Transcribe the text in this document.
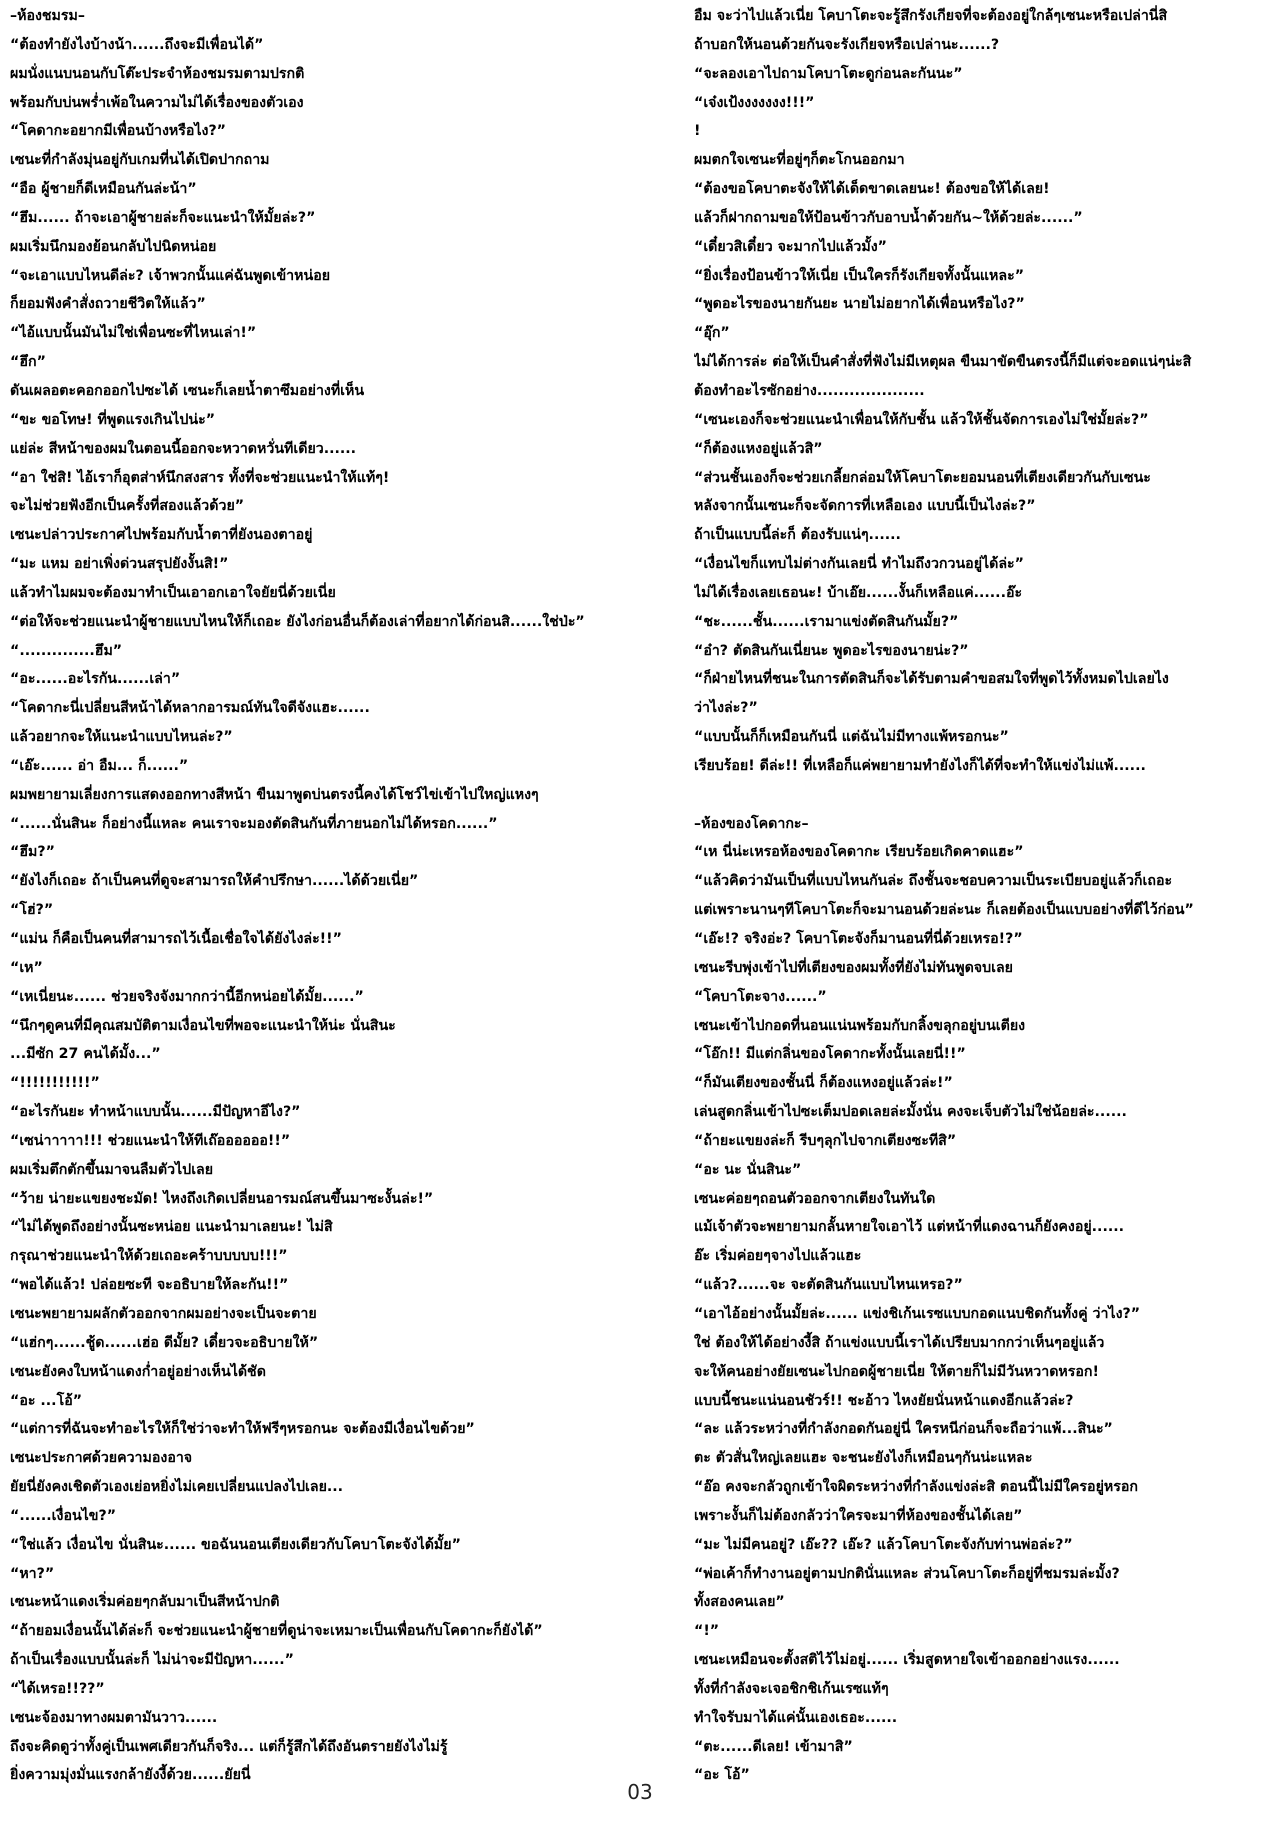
–ห้องชมรม–
“ต้องทำยังไงบ้างน้า......ถึงจะมีเพื่อนได้”
ผมนั่งแนบนอนกับโต๊ะประจำห้องชมรมตามปรกติ
พร้อมกับบ่นพร่ำเพ้อในความไม่ได้เรื่องของตัวเอง
“โคดากะอยากมีเพื่อนบ้างหรือไง?”
เซนะที่กำลังมุ่นอยู่กับเกมที่นได้เปิดปากถาม
“อือ ผู้ชายก็ดีเหมือนกันล่ะน้า”
“ฮึม...... ถ้าจะเอาผู้ชายล่ะก็จะแนะนำให้มั้ยล่ะ?”
ผมเริ่มนึกมองย้อนกลับไปนิดหน่อย
“จะเอาแบบไหนดีล่ะ? เจ้าพวกนั้นแค่ฉันพูดเข้าหน่อย
ก็ยอมฟังคำสั่งถวายชีวิตให้แล้ว”
“ไอ้แบบนั้นมันไม่ใช่เพื่อนซะที่ไหนเล่า!”
“ฮึก”
ดันเผลอตะคอกออกไปซะได้ เซนะก็เลยน้ำตาซึมอย่างที่เห็น
“ขะ ขอโทษ! ที่พูดแรงเกินไปน่ะ”
แย่ล่ะ สีหน้าของผมในตอนนี้ออกจะหวาดหวั่นทีเดียว......
“อา ใช่สิ! ไอ้เราก็อุตส่าห์นึกสงสาร ทั้งที่จะช่วยแนะนำให้แท้ๆ!
จะไม่ช่วยฟังอีกเป็นครั้งที่สองแล้วด้วย”
เซนะปล่าวประกาศไปพร้อมกับน้ำตาที่ยังนองตาอยู่
“มะ แหม อย่าเพิ่งด่วนสรุปยังงั้นสิ!”
แล้วทำไมผมจะต้องมาทำเป็นเอาอกเอาใจยัยนี่ด้วยเนี่ย
“ต่อให้จะช่วยแนะนำผู้ชายแบบไหนให้ก็เถอะ ยังไงก่อนอื่นก็ต้องเล่าที่อยากได้ก่อนสิ......ใช่ป่ะ”
“..............ฮึม”
“อะ......อะไรกัน......เล่า”
“โคดากะนี่เปลี่ยนสีหน้าได้หลากอารมณ์ทันใจดีจังแฮะ......
แล้วอยากจะให้แนะนำแบบไหนล่ะ?”
“เอ๊ะ...... อ่า อืม... ก็......”
ผมพยายามเลี่ยงการแสดงออกทางสีหน้า ขืนมาพูดบ่นตรงนี้คงได้โชว์ไข่เข้าไปใหญ่แหงๆ
“......นั่นสินะ ก็อย่างนี้แหละ คนเราจะมองตัดสินกันที่ภายนอกไม่ได้หรอก......”
“ฮึม?”
“ยังไงก็เถอะ ถ้าเป็นคนที่ดูจะสามารถให้คำปรึกษา......ได้ด้วยเนี่ย”
“โฮ่?”
“แม่น ก็คือเป็นคนที่สามารถไว้เนื้อเชื่อใจได้ยังไงล่ะ!!”
“เห”
“เหเนี่ยนะ...... ช่วยจริงจังมากกว่านี้อีกหน่อยได้มั้ย......”
“นึกๆดูคนที่มีคุณสมบัติตามเงื่อนไขที่พอจะแนะนำให้น่ะ นั่นสินะ
...มีซัก 27 คนได้มั้ง...”
“!!!!!!!!!!!”
“อะไรกันยะ ทำหน้าแบบนั้น......มีปัญหาอีไง?”
“เซน่าาาาา!!! ช่วยแนะนำให้ทีเถ๊ออออออ!!”
ผมเริ่มตึกตักขึ้นมาจนลืมตัวไปเลย
“ว้าย น่ายะแขยงชะมัด! ไหงถึงเกิดเปลี่ยนอารมณ์สนขึ้นมาซะงั้นล่ะ!”
“ไม่ได้พูดถึงอย่างนั้นซะหน่อย แนะนำมาเลยนะ! ไม่สิ
กรุณาช่วยแนะนำให้ด้วยเถอะคร้าบบบบบ!!!”
“พอได้แล้ว! ปล่อยซะที จะอธิบายให้ละกัน!!”
เซนะพยายามผลักตัวออกจากผมอย่างจะเป็นจะตาย
“แฮ่กๆ......ชู้ด......เฮ่อ ดีมั้ย? เดี๋ยวจะอธิบายให้”
เซนะยังคงใบหน้าแดงก่ำอยู่อย่างเห็นได้ชัด
“อะ ...โอ้”
“แต่การที่ฉันจะทำอะไรให้ก็ใช่ว่าจะทำให้ฟรีๆหรอกนะ จะต้องมีเงื่อนไขด้วย”
เซนะประกาศด้วยความองอาจ
ยัยนี่ยังคงเชิดตัวเองเย่อหยิ่งไม่เคยเปลี่ยนแปลงไปเลย...
“......เงื่อนไข?”
“ใช่แล้ว เงื่อนไข นั่นสินะ...... ขอฉันนอนเตียงเดียวกับโคบาโตะจังได้มั้ย”
“หา?”
เซนะหน้าแดงเริ่มค่อยๆกลับมาเป็นสีหน้าปกติ
“ถ้ายอมเงื่อนนั้นได้ล่ะก็ จะช่วยแนะนำผู้ชายที่ดูน่าจะเหมาะเป็นเพื่อนกับโคดากะก็ยังได้”
ถ้าเป็นเรื่องแบบนั้นล่ะก็ ไม่น่าจะมีปัญหา......”
“ได้เหรอ!!??”
เซนะจ้องมาทางผมตามันวาว......
ถึงจะคิดดูว่าทั้งคู่เป็นเพศเดียวกันก็จริง... แต่ก็รู้สึกได้ถึงอันตรายยังไงไม่รู้
ยิ่งความมุ่งมั่นแรงกล้ายังงี้ด้วย......ยัยนี่
อืม จะว่าไปแล้วเนี่ย โคบาโตะจะรู้สึกรังเกียจที่จะต้องอยู่ใกล้ๆเซนะหรือเปล่านี่สิ
ถ้าบอกให้นอนด้วยกันจะรังเกียจหรือเปล่านะ......?
“จะลองเอาไปถามโคบาโตะดูก่อนละกันนะ”
“เจ๋งเป้งงงงงงง!!!”
!
ผมตกใจเซนะที่อยู่ๆก็ตะโกนออกมา
“ต้องขอโคบาตะจังให้ได้เด็ดขาดเลยนะ! ต้องขอให้ได้เลย!
แล้วก็ฝากถามขอให้ป้อนข้าวกับอาบน้ำด้วยกัน~ให้ด้วยล่ะ......”
“เดี๋ยวสิเดี๋ยว จะมากไปแล้วมั้ง”
“ยิ่งเรื่องป้อนข้าวให้เนี่ย เป็นใครก็รังเกียจทั้งนั้นแหละ”
“พูดอะไรของนายกันยะ นายไม่อยากได้เพื่อนหรือไง?”
“อุ๊ก”
ไม่ได้การล่ะ ต่อให้เป็นคำสั่งที่ฟังไม่มีเหตุผล ขืนมาขัดขืนตรงนี้ก็มีแต่จะอดแน่ๆน่ะสิ
ต้องทำอะไรซักอย่าง....................
“เซนะเองก็จะช่วยแนะนำเพื่อนให้กับชั้น แล้วให้ชั้นจัดการเองไม่ใช่มั้ยล่ะ?”
“ก็ต้องแหงอยู่แล้วสิ”
“ส่วนชั้นเองก็จะช่วยเกลี้ยกล่อมให้โคบาโตะยอมนอนที่เตียงเดียวกันกับเซนะ
หลังจากนั้นเซนะก็จะจัดการที่เหลือเอง แบบนี้เป็นไงล่ะ?”
ถ้าเป็นแบบนี้ล่ะก็ ต้องรับแน่ๆ......
“เงื่อนไขก็แทบไม่ต่างกันเลยนี่ ทำไมถึงวกวนอยู่ได้ล่ะ”
ไม่ได้เรื่องเลยเธอนะ! บ้าเอ๊ย......งั้นก็เหลือแค่......อ๊ะ
“ชะ......ชั้น......เรามาแข่งตัดสินกันมั้ย?”
“อ๋า? ตัดสินกันเนี่ยนะ พูดอะไรของนายน่ะ?”
“ก็ฝ่ายไหนที่ชนะในการตัดสินก็จะได้รับตามคำขอสมใจที่พูดไว้ทั้งหมดไปเลยไง
ว่าไงล่ะ?”
“แบบนั้นก็ก็เหมือนกันนี่ แต่ฉันไม่มีทางแพ้หรอกนะ”
เรียบร้อย! ดีล่ะ!! ที่เหลือก็แค่พยายามทำยังไงก็ได้ที่จะทำให้แข่งไม่แพ้......
–ห้องของโคดากะ–
“เห นี่น่ะเหรอห้องของโคดากะ เรียบร้อยเกิดคาดแฮะ”
“แล้วคิดว่ามันเป็นที่แบบไหนกันล่ะ ถึงชั้นจะชอบความเป็นระเบียบอยู่แล้วก็เถอะ
แต่เพราะนานๆทีโคบาโตะก็จะมานอนด้วยล่ะนะ ก็เลยต้องเป็นแบบอย่างที่ดีไว้ก่อน”
“เอ๊ะ!? จริงอ่ะ? โคบาโตะจังก็มานอนที่นี่ด้วยเหรอ!?”
เซนะรีบพุ่งเข้าไปที่เตียงของผมทั้งที่ยังไม่ทันพูดจบเลย
“โคบาโตะจาง......”
เซนะเข้าไปกอดที่นอนแน่นพร้อมกับกลิ้งขลุกอยู่บนเตียง
“โอ๊ก!! มีแต่กลิ่นของโคดากะทั้งนั้นเลยนี่!!”
“ก็มันเตียงของชั้นนี่ ก็ต้องแหงอยู่แล้วล่ะ!”
เล่นสูดกลิ่นเข้าไปซะเต็มปอดเลยล่ะมั้งนั่น คงจะเจ็บตัวไม่ใช่น้อยล่ะ......
“ถ้ายะแขยงล่ะก็ รีบๆลุกไปจากเตียงซะทีสิ”
“อะ นะ นั่นสินะ”
เซนะค่อยๆถอนตัวออกจากเตียงในทันใด
แม้เจ้าตัวจะพยายามกลั้นหายใจเอาไว้ แต่หน้าที่แดงฉานก็ยังคงอยู่......
อ๊ะ เริ่มค่อยๆจางไปแล้วแฮะ
“แล้ว?......จะ จะตัดสินกันแบบไหนเหรอ?”
“เอาไอ้อย่างนั้นมั้ยล่ะ...... แข่งชิเก้นเรซแบบกอดแนบชิดกันทั้งคู่ ว่าไง?”
ใช่ ต้องให้ได้อย่างงี้สิ ถ้าแข่งแบบนี้เราได้เปรียบมากกว่าเห็นๆอยู่แล้ว
จะให้คนอย่างยัยเซนะไปกอดผู้ชายเนี่ย ให้ตายก็ไม่มีวันหวาดหรอก!
แบบนี้ชนะแน่นอนชัวร์!! ชะอ้าว ไหงยัยนั่นหน้าแดงอีกแล้วล่ะ?
“ละ แล้วระหว่างที่กำลังกอดกันอยู่นี่ ใครหนีก่อนก็จะถือว่าแพ้...สินะ”
ตะ ตัวสั่นใหญ่เลยแฮะ จะชนะยังไงก็เหมือนๆกันน่ะแหละ
“อ๊อ คงจะกลัวถูกเข้าใจผิดระหว่างที่กำลังแข่งล่ะสิ ตอนนี้ไม่มีใครอยู่หรอก
เพราะงั้นก็ไม่ต้องกลัวว่าใครจะมาที่ห้องของชั้นได้เลย”
“มะ ไม่มีคนอยู่? เอ๊ะ?? เอ๊ะ? แล้วโคบาโตะจังกับท่านพ่อล่ะ?”
“พ่อเค้าก็ทำงานอยู่ตามปกตินั่นแหละ ส่วนโคบาโตะก็อยู่ที่ชมรมล่ะมั้ง?
ทั้งสองคนเลย”
“!”
เซนะเหมือนจะตั้งสติไว้ไม่อยู่...... เริ่มสูดหายใจเข้าออกอย่างแรง......
ทั้งที่กำลังจะเจอชิกชิเก้นเรซแท้ๆ
ทำใจรับมาได้แค่นั้นเองเธอะ......
“ตะ......ดีเลย! เข้ามาสิ”
“อะ โอ้”
03
